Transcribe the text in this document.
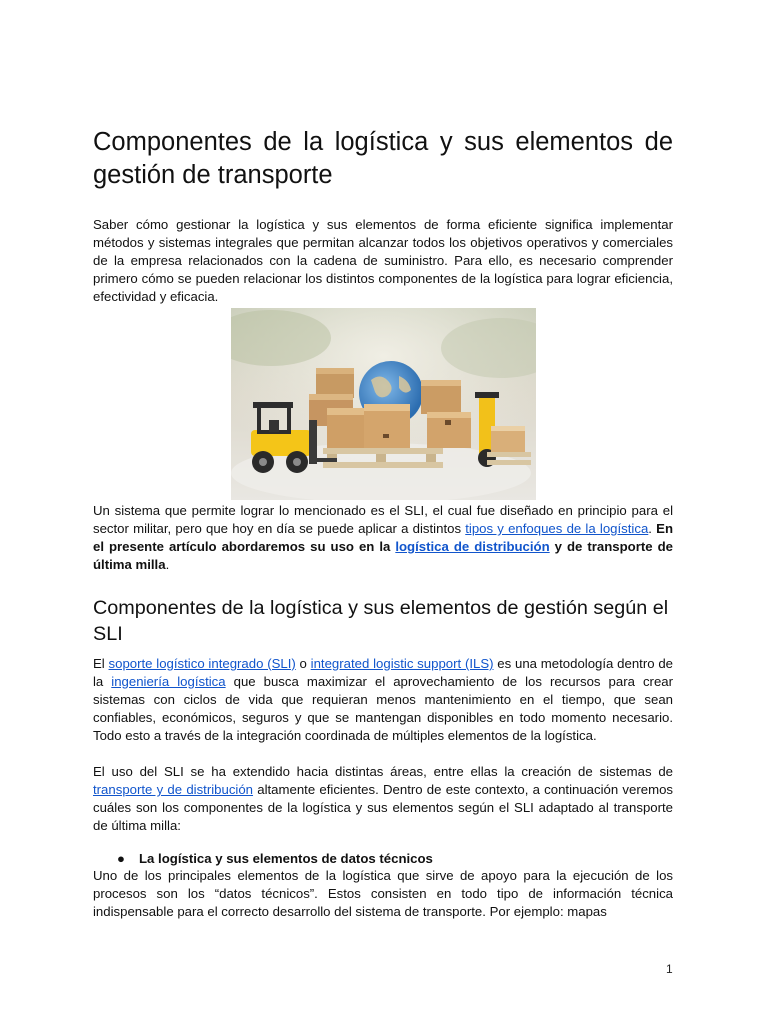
Componentes de la logística y sus elementos de gestión de transporte

Saber cómo gestionar la logística y sus elementos de forma eficiente significa implementar métodos y sistemas integrales que permitan alcanzar todos los objetivos operativos y comerciales de la empresa relacionados con la cadena de suministro. Para ello, es necesario comprender primero cómo se pueden relacionar los distintos componentes de la logística para lograr eficiencia, efectividad y eficacia.

Un sistema que permite lograr lo mencionado es el SLI, el cual fue diseñado en principio para el sector militar, pero que hoy en día se puede aplicar a distintos tipos y enfoques de la logística. En el presente artículo abordaremos su uso en la logística de distribución y de transporte de última milla.

Componentes de la logística y sus elementos de gestión según el SLI

El soporte logístico integrado (SLI) o integrated logistic support (ILS) es una metodología dentro de la ingeniería logística que busca maximizar el aprovechamiento de los recursos para crear sistemas con ciclos de vida que requieran menos mantenimiento en el tiempo, que sean confiables, económicos, seguros y que se mantengan disponibles en todo momento necesario. Todo esto a través de la integración coordinada de múltiples elementos de la logística.

El uso del SLI se ha extendido hacia distintas áreas, entre ellas la creación de sistemas de transporte y de distribución altamente eficientes. Dentro de este contexto, a continuación veremos cuáles son los componentes de la logística y sus elementos según el SLI adaptado al transporte de última milla:

●	La logística y sus elementos de datos técnicos

Uno de los principales elementos de la logística que sirve de apoyo para la ejecución de los procesos son los “datos técnicos”. Estos consisten en todo tipo de información técnica indispensable para el correcto desarrollo del sistema de transporte. Por ejemplo: mapas

1
